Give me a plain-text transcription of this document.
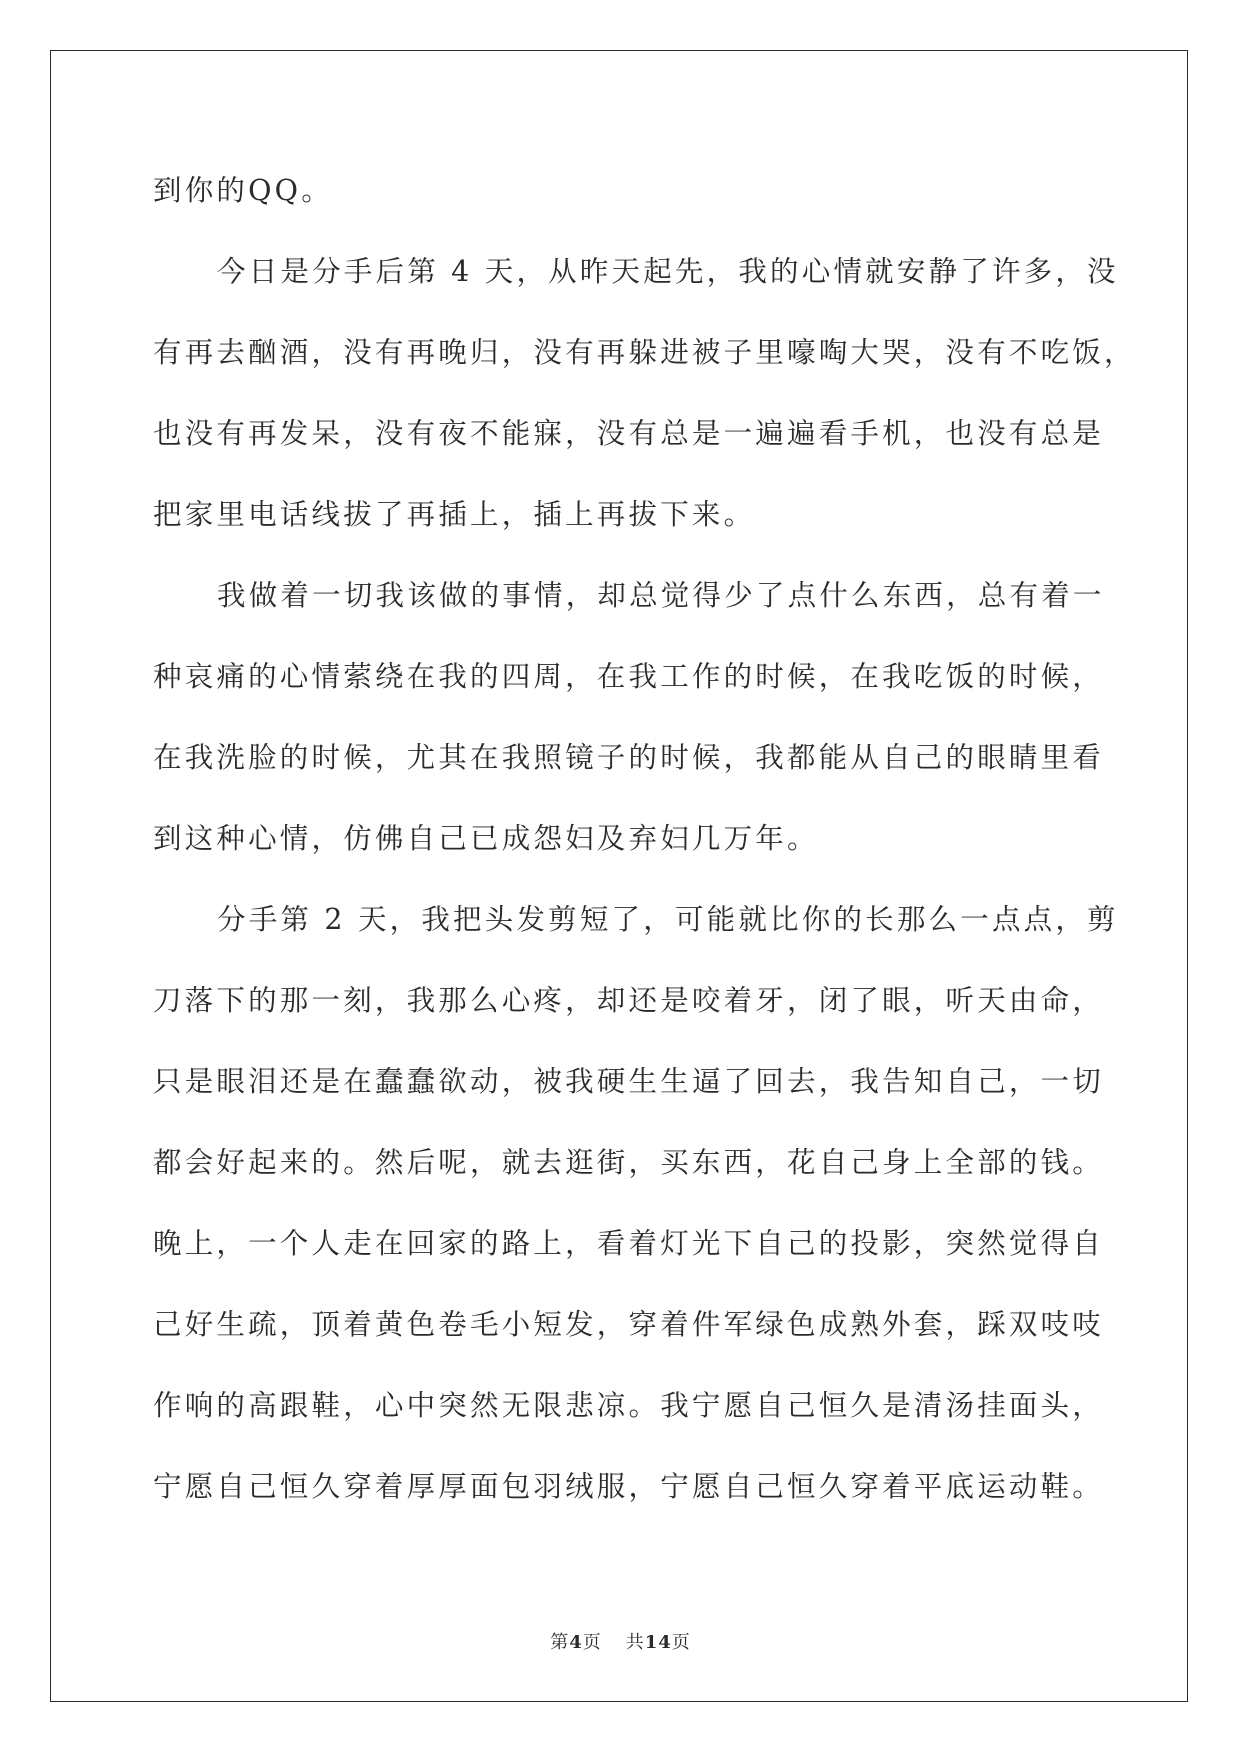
到你的QQ。
今日是分手后第 4 天，从昨天起先，我的心情就安静了许多，没
有再去酗酒，没有再晚归，没有再躲进被子里嚎啕大哭，没有不吃饭，
也没有再发呆，没有夜不能寐，没有总是一遍遍看手机，也没有总是
把家里电话线拔了再插上，插上再拔下来。
我做着一切我该做的事情，却总觉得少了点什么东西，总有着一
种哀痛的心情萦绕在我的四周，在我工作的时候，在我吃饭的时候，
在我洗脸的时候，尤其在我照镜子的时候，我都能从自己的眼睛里看
到这种心情，仿佛自己已成怨妇及弃妇几万年。
分手第 2 天，我把头发剪短了，可能就比你的长那么一点点，剪
刀落下的那一刻，我那么心疼，却还是咬着牙，闭了眼，听天由命，
只是眼泪还是在蠢蠢欲动，被我硬生生逼了回去，我告知自己，一切
都会好起来的。然后呢，就去逛街，买东西，花自己身上全部的钱。
晚上，一个人走在回家的路上，看着灯光下自己的投影，突然觉得自
己好生疏，顶着黄色卷毛小短发，穿着件军绿色成熟外套，踩双吱吱
作响的高跟鞋，心中突然无限悲凉。我宁愿自己恒久是清汤挂面头，
宁愿自己恒久穿着厚厚面包羽绒服，宁愿自己恒久穿着平底运动鞋。
第4页 共14页
